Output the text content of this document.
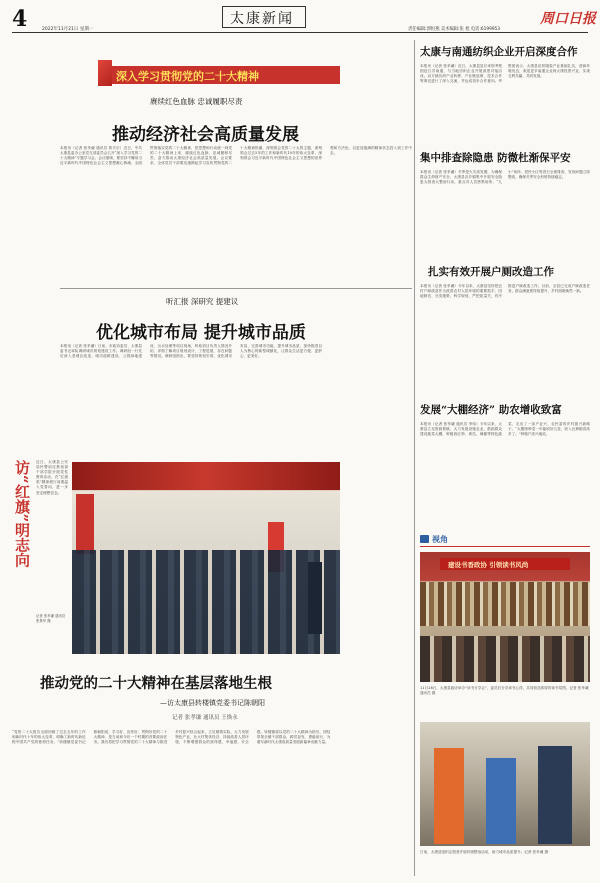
4	2022年11月21日 星期一
太康新闻
责任编辑:郭恒燕 美术编辑:张 旭 电话:6199953
周口日报
深入学习贯彻党的二十大精神
赓续红色血脉 忠诚履职尽责
推动经济社会高质量发展
本报讯（记者 张孝谦 通讯员 郭平宗）近日，中共太康县委办公室党支部委员会召开“深入学习党的二十大精神”专题学习会。会议强调，要坚持不懈用习近平新时代中国特色社会主义思想凝心铸魂，全面贯彻落实党的二十大精神，把思想和行动统一到党的二十大精神上来，赓续红色血脉，忠诚履职尽责，奋力推动太康经济社会高质量发展。会议要求，全体党员干部要迅速掀起学习宣传贯彻党的二十大精神热潮，深刻领会党的二十大的主题，深刻领会过去5年的工作和新时代10年的伟大变革，深刻领会习近平新时代中国特色社会主义思想的世界观和方法论，以更加饱满的精神状态投入到工作中去。
听汇报 深研究 提建议
优化城市布局 提升城市品质
本报讯（记者 张孝谦）日前，市政协委员、太康县委书记率队调研城市规划建设工作。调研组一行先后深入老城区改造、城市道路建设、公园绿地建设、污水处理等项目现场，听取项目负责人情况介绍，详细了解项目规划设计、工程进展、存在问题等情况。调研组指出，要坚持规划引领，优化城市布局，完善城市功能，提升城市品质，加快推进以人为核心的新型城镇化，让群众生活更方便、更舒心、更美好。
访“红旗”明志向 近日，太康县公安局民警前往焦裕禄干部学院开展党性教育活动，在“红旗渠”精神展厅前重温入党誓词，进一步坚定理想信念。
记者 张孝谦 通讯员 张景华 摄
推动党的二十大精神在基层落地生根
—访太康县转楼镇党委书记陈朝阳
记者 张孝谦 通讯员 王焕永
“党的二十大报告全面回顾了过去五年的工作和新时代十年的伟大变革，明确了新时代新征程中国共产党的使命任务。”转楼镇党委书记陈朝阳说，学习好、宣传好、贯彻好党的二十大精神，是当前和今后一个时期的首要政治任务。我们将把学习贯彻党的二十大精神与推进乡村振兴结合起来，立足镇情实际，大力发展特色产业，壮大村集体经济，持续改善人居环境，不断增强群众的获得感、幸福感、安全感。转楼镇将以党的二十大精神为指引，团结带领全镇干部群众，踔厉奋发、勇毅前行，为谱写新时代太康高质量发展新篇章贡献力量。
太康与南通纺织企业开启深度合作
本报讯（记者 张孝谦）近日，太康县县长率领考察团赴江苏南通，与当地纺织企业开展深度对接洽谈。双方就纺织产业转移、产业链延伸、技术合作等事宜进行了深入交流，并达成初步合作意向。考察团表示，太康县纺织服装产业基础扎实，营商环境优良，欢迎更多南通企业到太康投资兴业，实现互利共赢、共同发展。
集中排查除隐患 防微杜渐保平安
本报讯（记者 张孝谦）冬季是火灾高发期，为确保群众生命财产安全，太康县各乡镇集中开展安全隐患大排查大整治行动，重点对人员密集场所、“九小”场所、居民小区等进行全面排查，发现问题立即整改，确保冬季安全形势持续稳定。
扎实有效开展户厕改造工作
本报讯（记者 张孝谦）今年以来，太康县坚持把农村户厕改造作为改善农村人居环境的重要抓手，因地制宜、分类施策，科学规划，严把质量关，有序推进户厕改造工作。目前，全县已完成户厕改造任务，群众满意度持续提升，乡村面貌焕然一新。
发展“大棚经济” 助农增收致富
本报讯（记者 张孝谦 通讯员 李伟）今年以来，太康县立足资源禀赋，大力发展设施农业，鼓励群众建设蔬菜大棚，种植西红柿、黄瓜、辣椒等特色蔬菜，走出了一条产业兴、农民富的乡村振兴新路子。“大棚里种菜一年能收好几茬，收入比种粮食高多了。”种植户高兴地说。
视角
建设书香政协 引领读书风尚
11月18日，太康县政协举办“读书分享会”，委员们分享读书心得，共同营造浓厚的读书氛围。记者 张孝谦 通讯员 摄
日前，太康县组织志愿者开展环境整治活动，助力城市品质提升。记者 张孝谦 摄
